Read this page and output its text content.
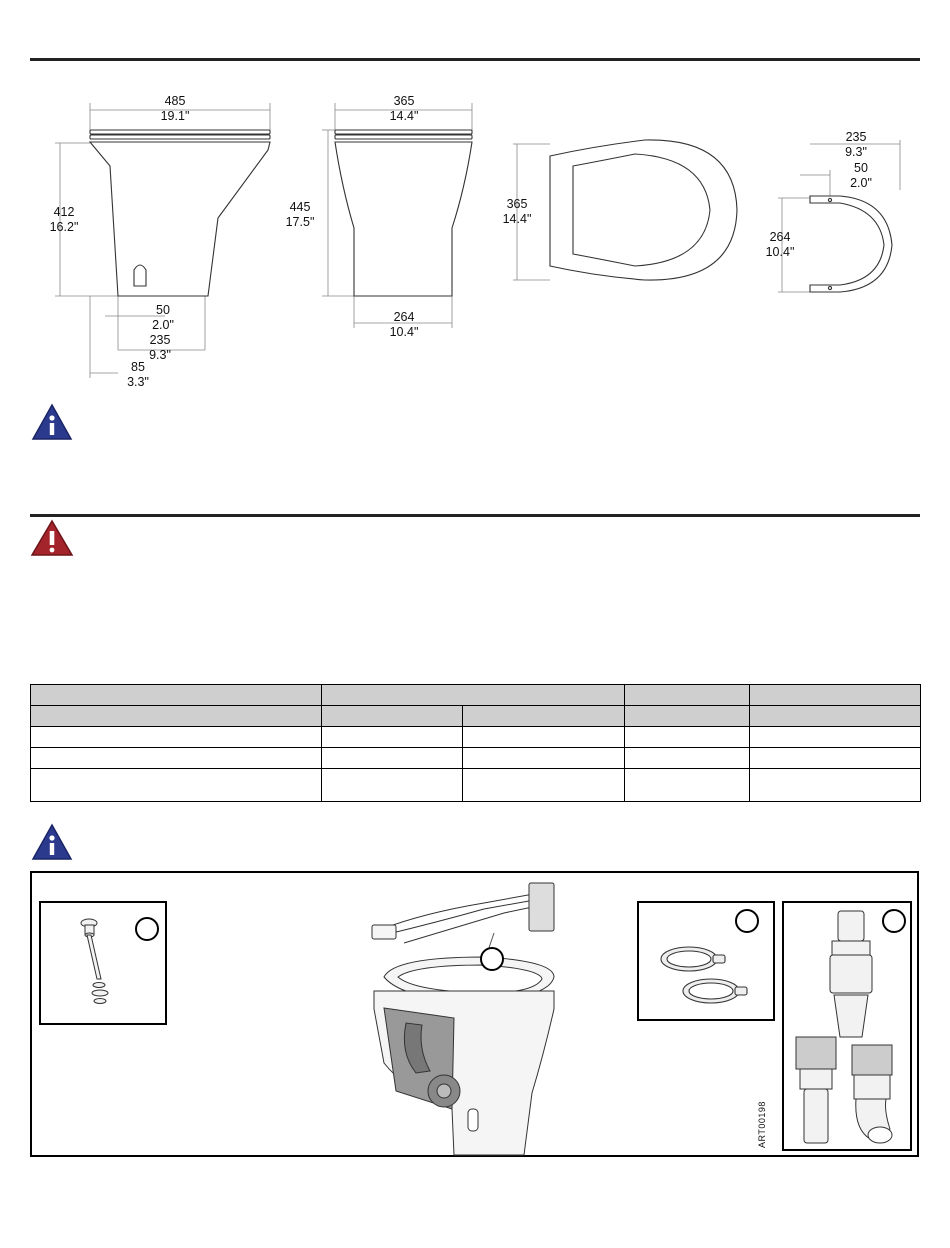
485
19.1"
412
16.2"
50
2.0"
235
9.3"
85
3.3"
365
14.4"
445
17.5"
264
10.4"
365
14.4"
235
9.3"
50
2.0"
264
10.4"

ART00198
